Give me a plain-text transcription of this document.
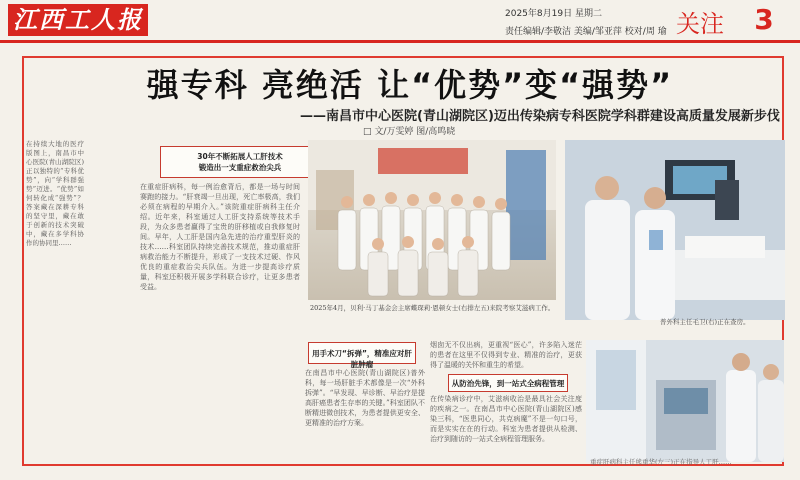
江西工人报	2025年8月19日 星期二
责任编辑/李敬洁 美编/邹亚萍 校对/周 瑜 关注	3
强专科 亮绝活 让“优势”变“强势”
——南昌市中心医院(青山湖院区)迈出传染病专科医院学科群建设高质量发展新步伐
□ 文/万雯婷 图/高鸣晓
在持续大地的医疗版图上，南昌市中心医院(青山湖院区)正以独特的“专科优势”，向“学科群强势”迈进。“优势”如何转化成“强势”？答案藏在深耕专科的坚守里，藏在敢于创新的技术突破中，藏在多学科协作的协同里……
30年不断拓展人工肝技术
锻造出一支重症救治尖兵
在重症肝病科，每一例治愈背后，都是一场与时间赛跑的接力。“肝衰竭一旦出现，死亡率极高，我们必须在病程的早期介入。”该院重症肝病科主任介绍。近年来，科室通过人工肝支持系统等技术手段，为众多患者赢得了宝贵的肝移植或自我修复时间。早年，人工肝是国内急先进的治疗重型肝炎的技术……科室团队持续完善技术规范，推动重症肝病救治能力不断提升，形成了一支技术过硬、作风优良的重症救治尖兵队伍。为进一步提高诊疗质量，科室还积极开展多学科联合诊疗，让更多患者受益。
2025年4月，贝利·马丁基金会主席蝶琛莉·恩顿女士(右排左五)来院考察艾滋病工作。
普外科主任毛卫(右)正在查房。
用手术刀“拆弹”，精准应对肝脏肿瘤
在南昌市中心医院(青山湖院区)普外科，每一场肝脏手术都像是一次“外科拆弹”。“早发现、早诊断、早治疗是提高肝癌患者生存率的关键。”科室团队不断精进微创技术，为患者提供更安全、更精准的治疗方案。
烟囱无不仅出病，更重视“医心”，许多陷入迷茫的患者在这里不仅得到专业、精准的治疗，更获得了温暖的关怀和重生的希望。
从防治先锋，到一站式全病程管理
在传染病诊疗中，艾滋病收治是最具社会关注度的疾病之一。在南昌市中心医院(青山湖院区)感染三科，“医患同心，共克病魔”不是一句口号，而是实实在在的行动。科室为患者提供从检测、治疗到随访的一站式全病程管理服务。
重症肝病科主任熊重华(左三)正在指导人工肝……
